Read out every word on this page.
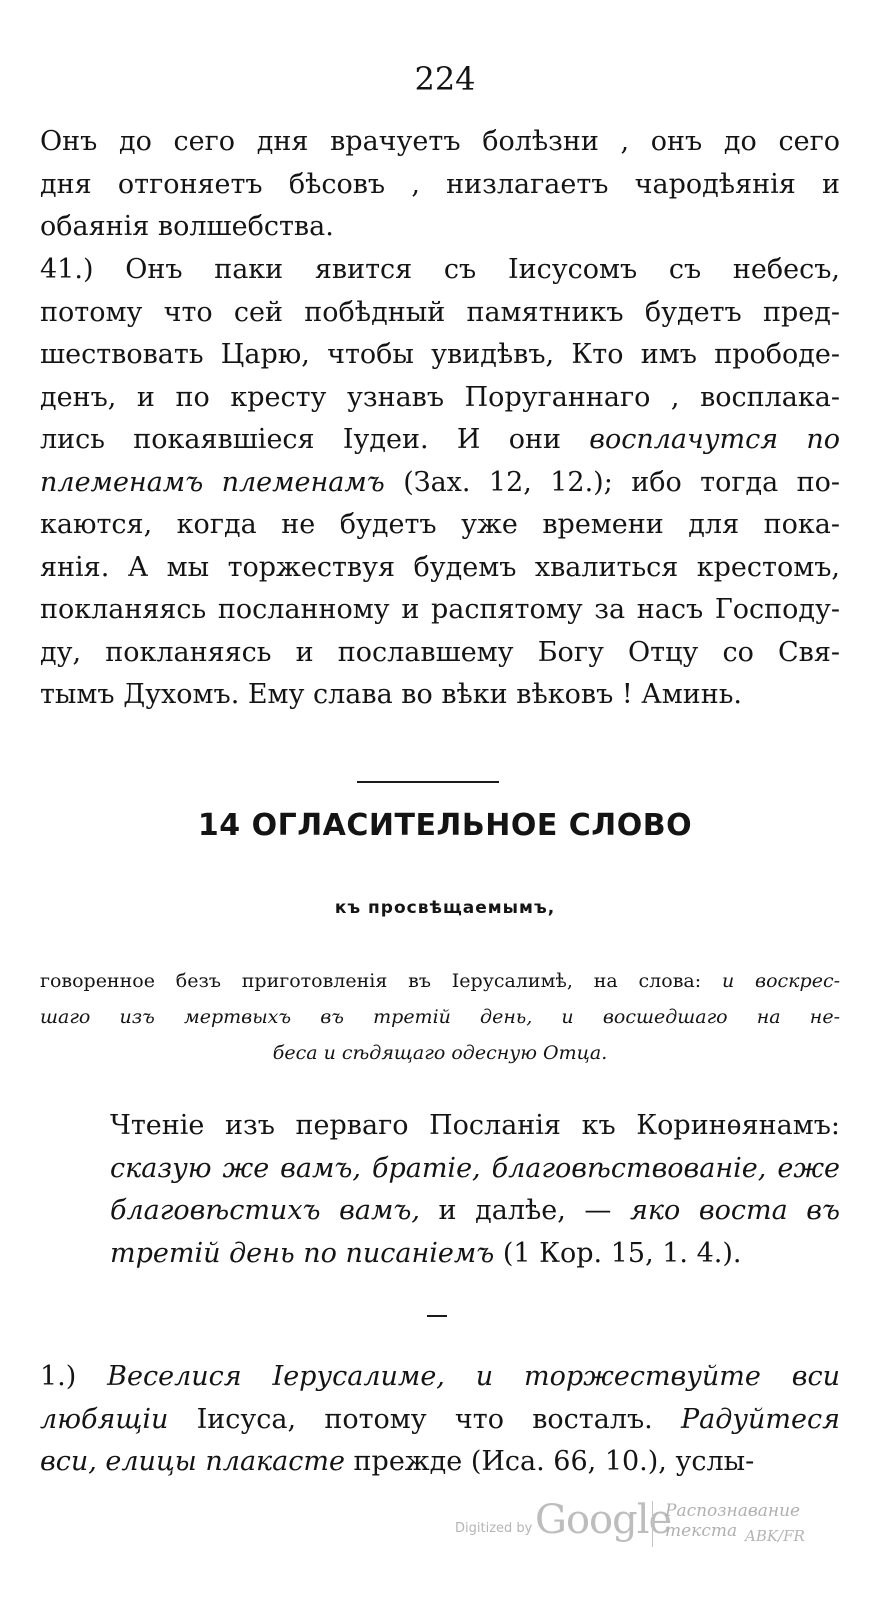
224
Онъ до сего дня врачуетъ болѣзни , онъ до сего
дня отгоняетъ бѣсовъ , низлагаетъ чародѣянія и
обаянія волшебства.
41.) Онъ паки явится съ Іисусомъ съ небесъ,
потому что сей побѣдный памятникъ будетъ пред-
шествовать Царю, чтобы увидѣвъ, Кто имъ прободе-
денъ, и по кресту узнавъ Поруганнаго , восплака-
лись покаявшіеся Іудеи. И они восплачутся по
племенамъ племенамъ (Зах. 12, 12.); ибо тогда по-
каются, когда не будетъ уже времени для пока-
янія. А мы торжествуя будемъ хвалиться крестомъ,
покланяясь посланному и распятому за насъ Господу-
ду, покланяясь и пославшему Богу Отцу со Свя-
тымъ Духомъ. Ему слава во вѣки вѣковъ ! Аминь.
14 ОГЛАСИТЕЛЬНОЕ СЛОВО
къ просвѣщаемымъ,
говоренное безъ приготовленія въ Іерусалимѣ, на слова: и воскрес-
шаго изъ мертвыхъ въ третій день, и восшедшаго на не-
беса и сѣдящаго одесную Отца.
Чтеніе изъ перваго Посланія къ Коринѳянамъ:
сказую же вамъ, братіе, благовѣствованіе, еже
благовѣстихъ вамъ, и далѣе, — яко воста въ
третій день по писаніемъ (1 Кор. 15, 1. 4.).
1.) Веселися Іерусалиме, и торжествуйте вси
любящіи Іисуса, потому что восталъ. Радуйтеся
вси, елицы плакасте прежде (Иса. 66, 10.), услы-
Digitized by Google
Распознавание текста ABK/FR
